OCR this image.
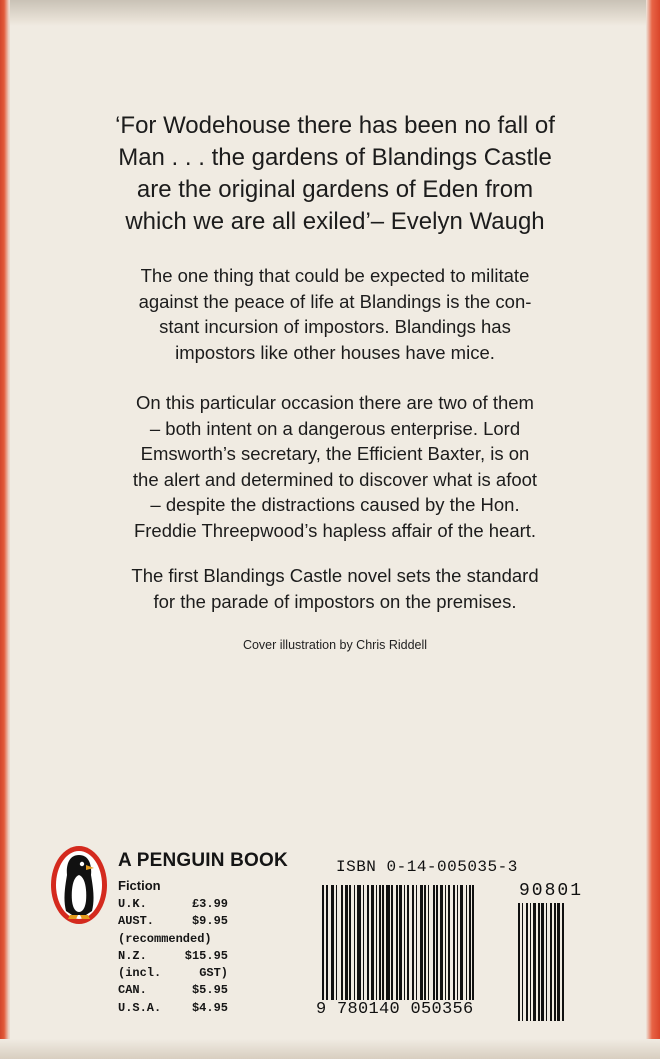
‘For Wodehouse there has been no fall of
Man . . . the gardens of Blandings Castle
are the original gardens of Eden from
which we are all exiled’– Evelyn Waugh
The one thing that could be expected to militate
against the peace of life at Blandings is the con-
stant incursion of impostors. Blandings has
impostors like other houses have mice.
On this particular occasion there are two of them
– both intent on a dangerous enterprise. Lord
Emsworth’s secretary, the Efficient Baxter, is on
the alert and determined to discover what is afoot
– despite the distractions caused by the Hon.
Freddie Threepwood’s hapless affair of the heart.
The first Blandings Castle novel sets the standard
for the parade of impostors on the premises.
Cover illustration by Chris Riddell
A PENGUIN BOOK
Fiction
U.K.	£3.99
AUST.	$9.95
(recommended)
N.Z.	$15.95
(incl.	GST)
CAN.	$5.95
U.S.A.	$4.95
ISBN 0-14-005035-3
9 780140 050356
90801
